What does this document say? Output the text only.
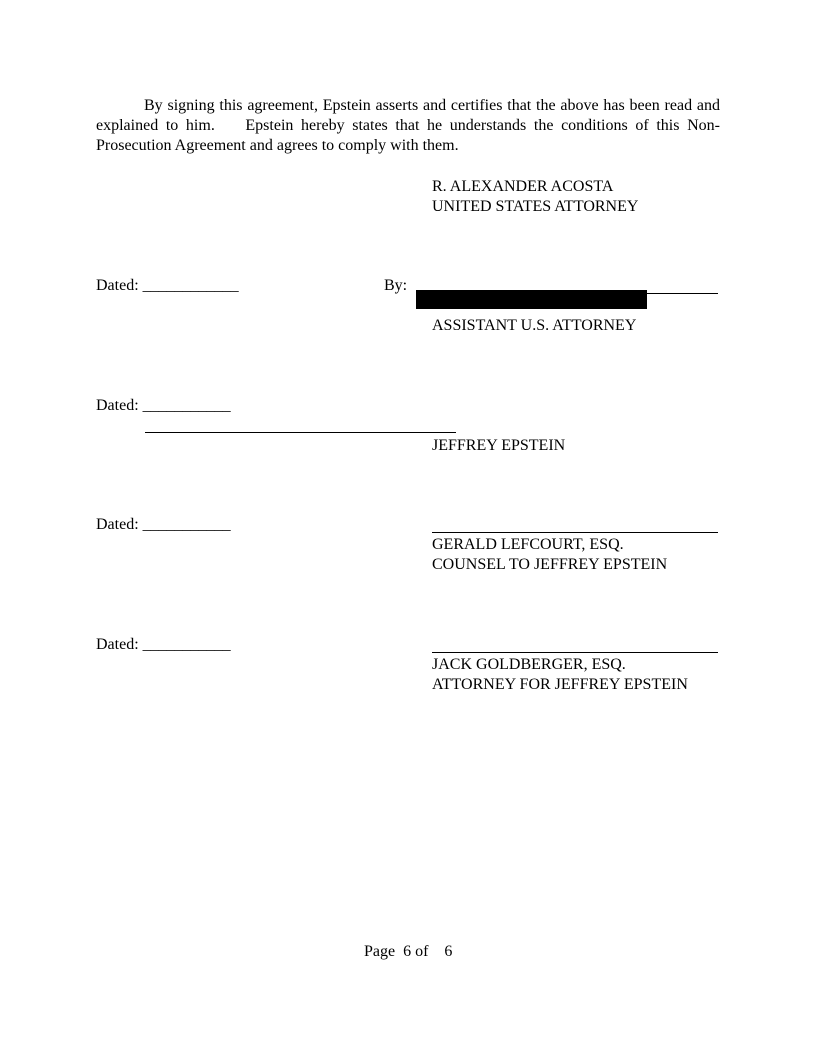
By signing this agreement, Epstein asserts and certifies that the above has been read and explained to him.    Epstein hereby states that he understands the conditions of this Non-Prosecution Agreement and agrees to comply with them.
R. ALEXANDER ACOSTA
UNITED STATES ATTORNEY
Dated: ____________	By:
ASSISTANT U.S. ATTORNEY
Dated: ___________
JEFFREY EPSTEIN
Dated: ___________
GERALD LEFCOURT, ESQ.
COUNSEL TO JEFFREY EPSTEIN
Dated: ___________
JACK GOLDBERGER, ESQ.
ATTORNEY FOR JEFFREY EPSTEIN
Page  6 of    6
